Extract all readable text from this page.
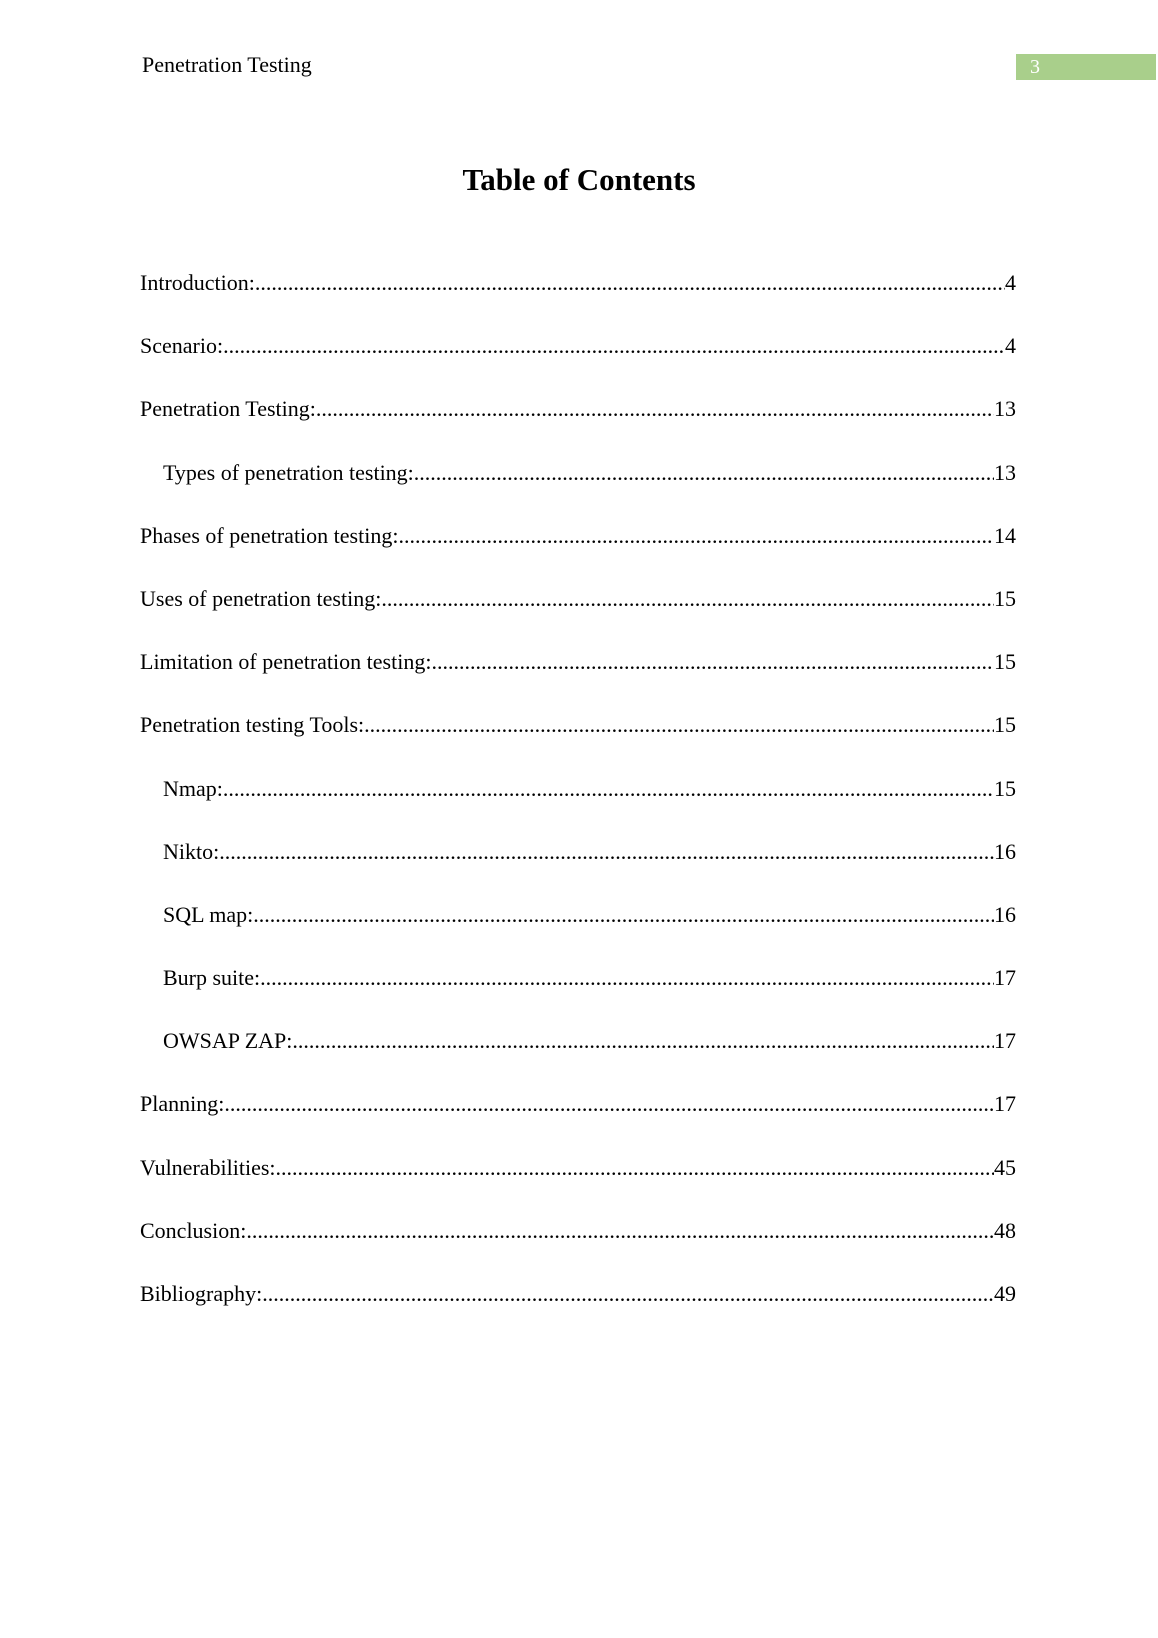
Penetration Testing	3
Table of Contents
Introduction: .....	4
Scenario: .....	4
Penetration Testing: .....	13
Types of penetration testing: .....	13
Phases of penetration testing: .....	14
Uses of penetration testing: .....	15
Limitation of penetration testing: .....	15
Penetration testing Tools: .....	15
Nmap: .....	15
Nikto: .....	16
SQL map: .....	16
Burp suite: .....	17
OWSAP ZAP: .....	17
Planning: .....	17
Vulnerabilities: .....	45
Conclusion: .....	48
Bibliography: .....	49
